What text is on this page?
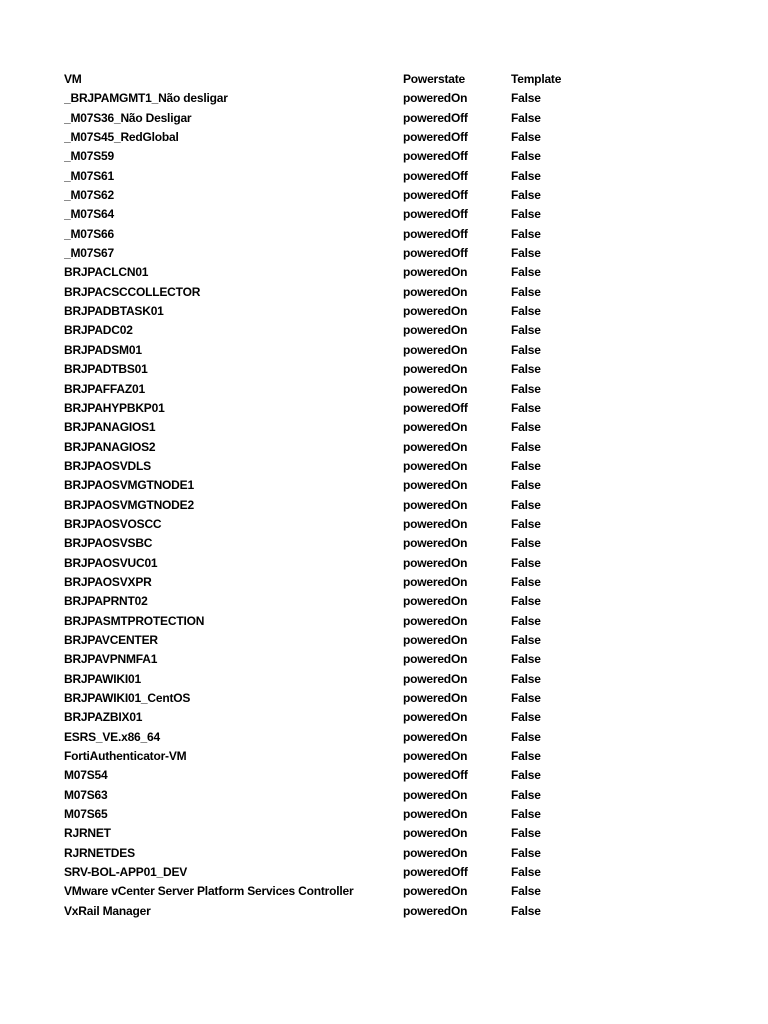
VM	Powerstate	Template
_BRJPAMGMT1_Não desligar	poweredOn	False
_M07S36_Não Desligar	poweredOff	False
_M07S45_RedGlobal	poweredOff	False
_M07S59	poweredOff	False
_M07S61	poweredOff	False
_M07S62	poweredOff	False
_M07S64	poweredOff	False
_M07S66	poweredOff	False
_M07S67	poweredOff	False
BRJPACLCN01	poweredOn	False
BRJPACSCCOLLECTOR	poweredOn	False
BRJPADBTASK01	poweredOn	False
BRJPADC02	poweredOn	False
BRJPADSM01	poweredOn	False
BRJPADTBS01	poweredOn	False
BRJPAFFAZ01	poweredOn	False
BRJPAHYPBKP01	poweredOff	False
BRJPANAGIOS1	poweredOn	False
BRJPANAGIOS2	poweredOn	False
BRJPAOSVDLS	poweredOn	False
BRJPAOSVMGTNODE1	poweredOn	False
BRJPAOSVMGTNODE2	poweredOn	False
BRJPAOSVOSCC	poweredOn	False
BRJPAOSVSBC	poweredOn	False
BRJPAOSVUC01	poweredOn	False
BRJPAOSVXPR	poweredOn	False
BRJPAPRNT02	poweredOn	False
BRJPASMTPROTECTION	poweredOn	False
BRJPAVCENTER	poweredOn	False
BRJPAVPNMFA1	poweredOn	False
BRJPAWIKI01	poweredOn	False
BRJPAWIKI01_CentOS	poweredOn	False
BRJPAZBIX01	poweredOn	False
ESRS_VE.x86_64	poweredOn	False
FortiAuthenticator-VM	poweredOn	False
M07S54	poweredOff	False
M07S63	poweredOn	False
M07S65	poweredOn	False
RJRNET	poweredOn	False
RJRNETDES	poweredOn	False
SRV-BOL-APP01_DEV	poweredOff	False
VMware vCenter Server Platform Services Controller	poweredOn	False
VxRail Manager	poweredOn	False
